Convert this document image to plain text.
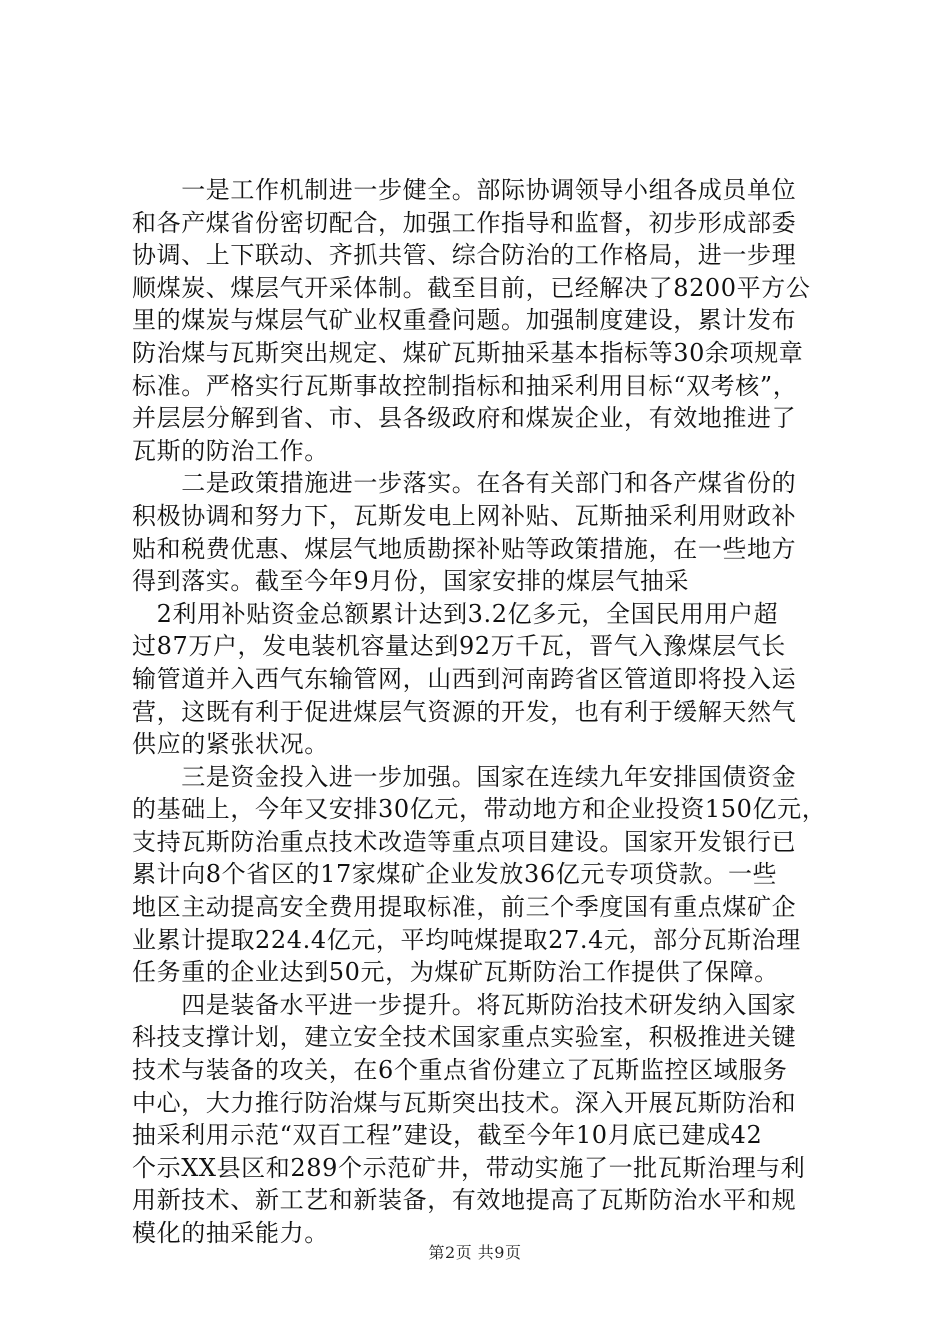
　　一是工作机制进一步健全。部际协调领导小组各成员单位
和各产煤省份密切配合，加强工作指导和监督，初步形成部委
协调、上下联动、齐抓共管、综合防治的工作格局，进一步理
顺煤炭、煤层气开采体制。截至目前，已经解决了8200平方公
里的煤炭与煤层气矿业权重叠问题。加强制度建设，累计发布
防治煤与瓦斯突出规定、煤矿瓦斯抽采基本指标等30余项规章
标准。严格实行瓦斯事故控制指标和抽采利用目标“双考核”，
并层层分解到省、市、县各级政府和煤炭企业，有效地推进了
瓦斯的防治工作。

　　二是政策措施进一步落实。在各有关部门和各产煤省份的
积极协调和努力下，瓦斯发电上网补贴、瓦斯抽采利用财政补
贴和税费优惠、煤层气地质勘探补贴等政策措施，在一些地方
得到落实。截至今年9月份，国家安排的煤层气抽采

　2利用补贴资金总额累计达到3.2亿多元，全国民用用户超
过87万户，发电装机容量达到92万千瓦，晋气入豫煤层气长
输管道并入西气东输管网，山西到河南跨省区管道即将投入运
营，这既有利于促进煤层气资源的开发，也有利于缓解天然气
供应的紧张状况。

　　三是资金投入进一步加强。国家在连续九年安排国债资金
的基础上，今年又安排30亿元，带动地方和企业投资150亿元，
支持瓦斯防治重点技术改造等重点项目建设。国家开发银行已
累计向8个省区的17家煤矿企业发放36亿元专项贷款。一些
地区主动提高安全费用提取标准，前三个季度国有重点煤矿企
业累计提取224.4亿元，平均吨煤提取27.4元，部分瓦斯治理
任务重的企业达到50元，为煤矿瓦斯防治工作提供了保障。

　　四是装备水平进一步提升。将瓦斯防治技术研发纳入国家
科技支撑计划，建立安全技术国家重点实验室，积极推进关键
技术与装备的攻关，在6个重点省份建立了瓦斯监控区域服务
中心，大力推行防治煤与瓦斯突出技术。深入开展瓦斯防治和
抽采利用示范“双百工程”建设，截至今年10月底已建成42
个示XX县区和289个示范矿井，带动实施了一批瓦斯治理与利
用新技术、新工艺和新装备，有效地提高了瓦斯防治水平和规
模化的抽采能力。

第2页 共9页
